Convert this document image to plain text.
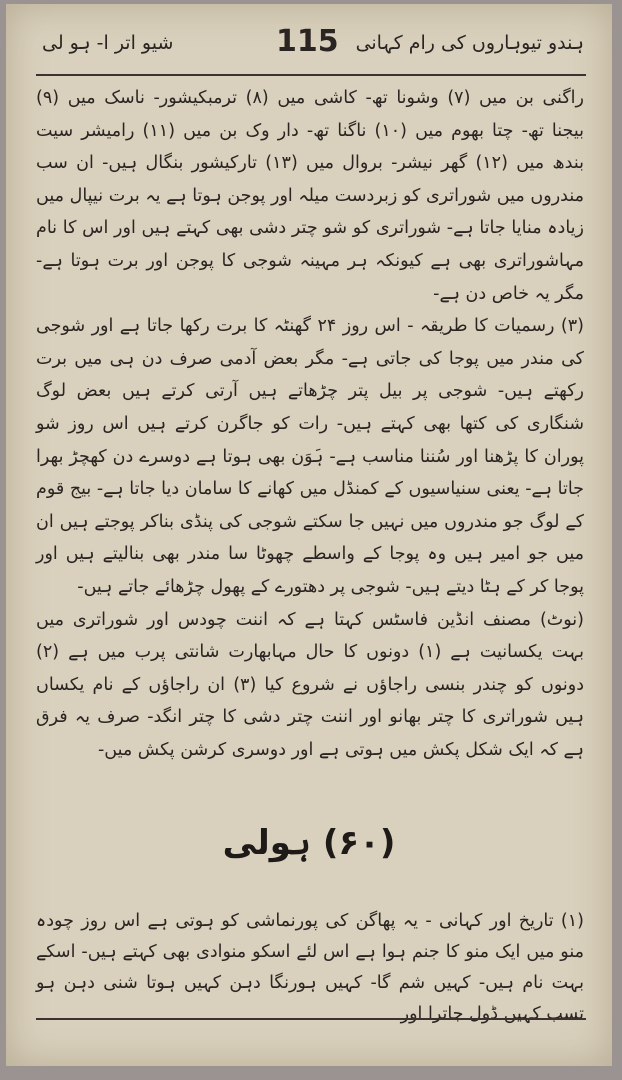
ہندو تیوہاروں کی رام کہانی
115
شیو اتر ا- ہو لی

راگنی بن میں (۷) وشونا تھ- کاشی میں (۸) ترمبکیشور- ناسک میں (۹) بیجنا تھ- چتا بھوم میں (۱۰) ناگنا تھ- دار وک بن میں (۱۱) رامیشر سیت بندھ میں (۱۲) گھر نیشر- بروال میں (۱۳) تارکیشور بنگال ہیں- ان سب مندروں میں شوراتری کو زبردست میلہ اور پوجن ہوتا ہے یہ برت نیپال میں زیادہ منایا جاتا ہے- شوراتری کو شو چتر دشی بھی کہتے ہیں اور اس کا نام مہاشوراتری بھی ہے کیونکہ ہر مہینہ شوجی کا پوجن اور برت ہوتا ہے- مگر یہ خاص دن ہے-

(۳) رسمیات کا طریقہ - اس روز ۲۴ گھنٹہ کا برت رکھا جاتا ہے اور شوجی کی مندر میں پوجا کی جاتی ہے- مگر بعض آدمی صرف دن ہی میں برت رکھتے ہیں- شوجی پر بیل پتر چڑھاتے ہیں آرتی کرتے ہیں بعض لوگ شنگاری کی کتھا بھی کہتے ہیں- رات کو جاگرن کرتے ہیں اس روز شو پوران کا پڑھنا اور سُننا مناسب ہے- ہَوَن بھی ہوتا ہے دوسرے دن کھچڑ بھرا جاتا ہے- یعنی سنیاسیوں کے کمنڈل میں کھانے کا سامان دیا جاتا ہے- بیج قوم کے لوگ جو مندروں میں نہیں جا سکتے شوجی کی پنڈی بناکر پوجتے ہیں ان میں جو امیر ہیں وہ پوجا کے واسطے چھوٹا سا مندر بھی بنالیتے ہیں اور پوجا کر کے ہٹا دیتے ہیں- شوجی پر دھتورے کے پھول چڑھائے جاتے ہیں-

(نوٹ) مصنف انڈین فاسٹس کہتا ہے کہ اننت چودس اور شوراتری میں بہت یکسانیت ہے (۱) دونوں کا حال مہابھارت شانتی پرب میں ہے (۲) دونوں کو چندر بنسی راجاؤں نے شروع کیا (۳) ان راجاؤں کے نام یکساں ہیں شوراتری کا چتر بھانو اور اننت چتر دشی کا چتر انگد- صرف یہ فرق ہے کہ ایک شکل پکش میں ہوتی ہے اور دوسری کرشن پکش میں-

(۶۰) ہولی

(۱) تاریخ اور کہانی - یہ پھاگن کی پورنماشی کو ہوتی ہے اس روز چودہ منو میں ایک منو کا جنم ہوا ہے اس لئے اسکو منوادی بھی کہتے ہیں- اسکے بہت نام ہیں- کہیں شم گا- کہیں ہورنگا دہن کہیں ہوتا شنی دہن ہو تسب کہیں ڈول جاترا اور
